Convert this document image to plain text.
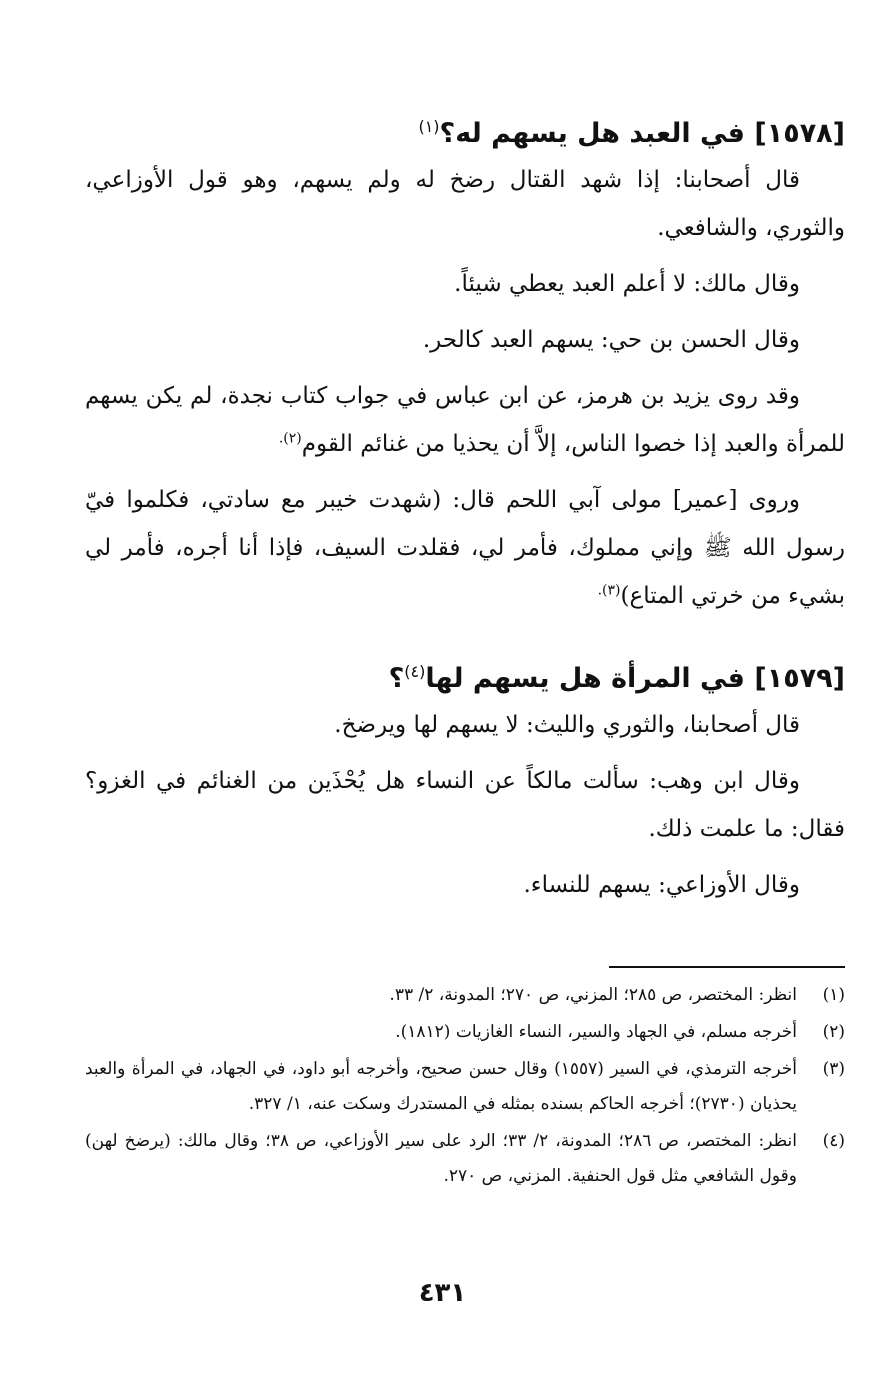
[١٥٧٨] في العبد هل يسهم له؟$^{(١)}$

قال أصحابنا: إذا شهد القتال رضخ له ولم يسهم، وهو قول الأوزاعي، والثوري، والشافعي.

وقال مالك: لا أعلم العبد يعطي شيئاً.

وقال الحسن بن حي: يسهم العبد كالحر.

وقد روى يزيد بن هرمز، عن ابن عباس في جواب كتاب نجدة، لم يكن يسهم للمرأة والعبد إذا خصوا الناس، إلاَّ أن يحذيا من غنائم القوم$^{(٢).}$

وروى [عمير] مولى آبي اللحم قال: (شهدت خيبر مع سادتي، فكلموا فيّ رسول الله ﷺ وإني مملوك، فأمر لي، فقلدت السيف، فإذا أنا أجره، فأمر لي بشيء من خرتي المتاع)$^{(٣).}$

[١٥٧٩] في المرأة هل يسهم لها$^{(٤)}$؟

قال أصحابنا، والثوري والليث: لا يسهم لها ويرضخ.

وقال ابن وهب: سألت مالكاً عن النساء هل يُحْذَين من الغنائم في الغزو؟ فقال: ما علمت ذلك.

وقال الأوزاعي: يسهم للنساء.

(١)
انظر: المختصر، ص ٢٨٥؛ المزني، ص ٢٧٠؛ المدونة، ٢/ ٣٣.
(٢)
أخرجه مسلم، في الجهاد والسير، النساء الغازيات (١٨١٢).
(٣)
أخرجه الترمذي، في السير (١٥٥٧) وقال حسن صحيح، وأخرجه أبو داود، في الجهاد، في المرأة والعبد يحذيان (٢٧٣٠)؛ أخرجه الحاكم بسنده بمثله في المستدرك وسكت عنه، ١/ ٣٢٧.
(٤)
انظر: المختصر، ص ٢٨٦؛ المدونة، ٢/ ٣٣؛ الرد على سير الأوزاعي، ص ٣٨؛ وقال مالك: (يرضخ لهن) وقول الشافعي مثل قول الحنفية. المزني، ص ٢٧٠.
٤٣١
